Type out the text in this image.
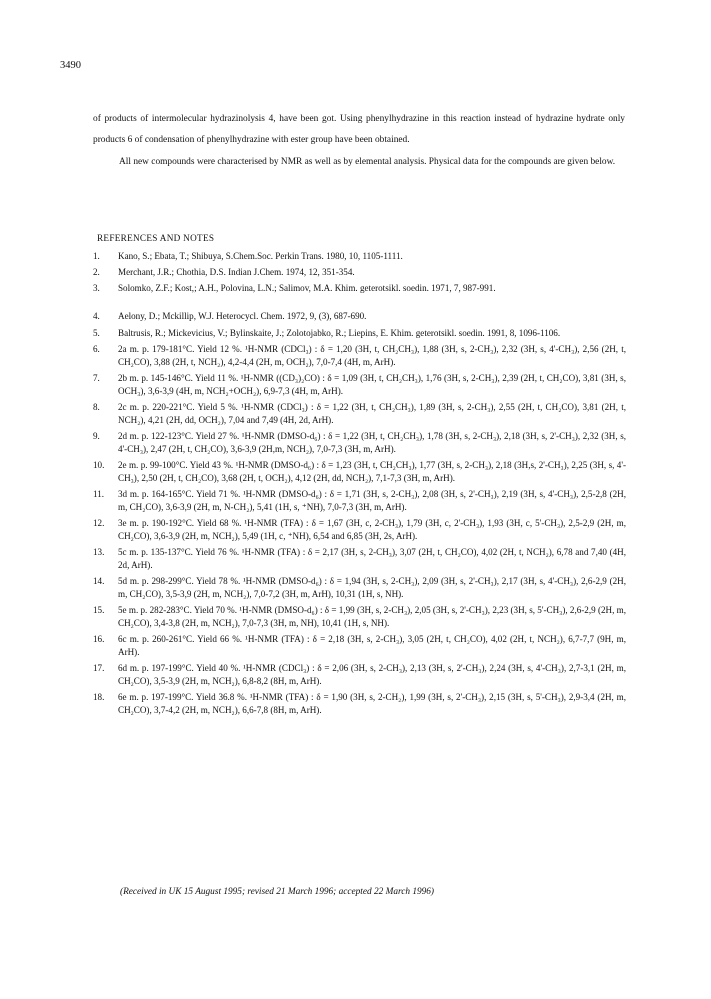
3490

of products of intermolecular hydrazinolysis 4, have been got. Using phenylhydrazine in this reaction instead of hydrazine hydrate only products 6 of condensation of phenylhydrazine with ester group have been obtained.

All new compounds were characterised by NMR as well as by elemental analysis. Physical data for the compounds are given below.

REFERENCES AND NOTES
1.	Kano, S.; Ebata, T.; Shibuya, S.Chem.Soc. Perkin Trans. 1980, 10, 1105-1111.
2.	Merchant, J.R.; Chothia, D.S. Indian J.Chem. 1974, 12, 351-354.
3.	Solomko, Z.F.; Kost,; A.H., Polovina, L.N.; Salimov, M.A. Khim. geterotsikl. soedin. 1971, 7, 987-991.
4.	Aelony, D.; Mckillip, W.J. Heterocycl. Chem. 1972, 9, (3), 687-690.
5.	Baltrusis, R.; Mickevicius, V.; Bylinskaite, J.; Zolotojabko, R.; Liepins, E. Khim. geterotsikl. soedin. 1991, 8, 1096-1106.
6.	2a m. p. 179-181°C. Yield 12 %. ¹H-NMR (CDCl₃) : δ = 1,20 (3H, t, CH₂CH₃), 1,88 (3H, s, 2-CH₃), 2,32 (3H, s, 4'-CH₃), 2,56 (2H, t, CH₂CO), 3,88 (2H, t, NCH₂), 4,2-4,4 (2H, m, OCH₂), 7,0-7,4 (4H, m, ArH).
7.	2b m. p. 145-146°C. Yield 11 %. ¹H-NMR ((CD₃)₂CO) : δ = 1,09 (3H, t, CH₂CH₃), 1,76 (3H, s, 2-CH₃), 2,39 (2H, t, CH₂CO), 3,81 (3H, s, OCH₃), 3,6-3,9 (4H, m, NCH₂+OCH₂), 6,9-7,3 (4H, m, ArH).
8.	2c m. p. 220-221°C. Yield 5 %. ¹H-NMR (CDCl₃) : δ = 1,22 (3H, t, CH₂CH₃), 1,89 (3H, s, 2-CH₃), 2,55 (2H, t, CH₂CO), 3,81 (2H, t, NCH₂), 4,21 (2H, dd, OCH₂), 7,04 and 7,49 (4H, 2d, ArH).
9.	2d m. p. 122-123°C. Yield 27 %. ¹H-NMR (DMSO-d₆) : δ = 1,22 (3H, t, CH₂CH₃), 1,78 (3H, s, 2-CH₃), 2,18 (3H, s, 2'-CH₃), 2,32 (3H, s, 4'-CH₃), 2,47 (2H, t, CH₂CO), 3,6-3,9 (2H,m, NCH₂), 7,0-7,3 (3H, m, ArH).
10.	2e m. p. 99-100°C. Yield 43 %. ¹H-NMR (DMSO-d₆) : δ = 1,23 (3H, t, CH₂CH₃), 1,77 (3H, s, 2-CH₃), 2,18 (3H,s, 2'-CH₃), 2,25 (3H, s, 4'-CH₃), 2,50 (2H, t, CH₂CO), 3,68 (2H, t, OCH₂), 4,12 (2H, dd, NCH₂), 7,1-7,3 (3H, m, ArH).
11.	3d m. p. 164-165°C. Yield 71 %. ¹H-NMR (DMSO-d₆) : δ = 1,71 (3H, s, 2-CH₃), 2,08 (3H, s, 2'-CH₃), 2,19 (3H, s, 4'-CH₃), 2,5-2,8 (2H, m, CH₂CO), 3,6-3,9 (2H, m, N-CH₂), 5,41 (1H, s, ⁺NH), 7,0-7,3 (3H, m, ArH).
12.	3e m. p. 190-192°C. Yield 68 %. ¹H-NMR (TFA) : δ = 1,67 (3H, c, 2-CH₃), 1,79 (3H, c, 2'-CH₃), 1,93 (3H, c, 5'-CH₃), 2,5-2,9 (2H, m, CH₂CO), 3,6-3,9 (2H, m, NCH₂), 5,49 (1H, c, ⁺NH), 6,54 and 6,85 (3H, 2s, ArH).
13.	5c m. p. 135-137°C. Yield 76 %. ¹H-NMR (TFA) : δ = 2,17 (3H, s, 2-CH₃), 3,07 (2H, t, CH₂CO), 4,02 (2H, t, NCH₂), 6,78 and 7,40 (4H, 2d, ArH).
14.	5d m. p. 298-299°C. Yield 78 %. ¹H-NMR (DMSO-d₆) : δ = 1,94 (3H, s, 2-CH₃), 2,09 (3H, s, 2'-CH₃), 2,17 (3H, s, 4'-CH₃), 2,6-2,9 (2H, m, CH₂CO), 3,5-3,9 (2H, m, NCH₂), 7,0-7,2 (3H, m, ArH), 10,31 (1H, s, NH).
15.	5e m. p. 282-283°C. Yield 70 %. ¹H-NMR (DMSO-d₆) : δ = 1,99 (3H, s, 2-CH₃), 2,05 (3H, s, 2'-CH₃), 2,23 (3H, s, 5'-CH₃), 2,6-2,9 (2H, m, CH₂CO), 3,4-3,8 (2H, m, NCH₂), 7,0-7,3 (3H, m, NH), 10,41 (1H, s, NH).
16.	6c m. p. 260-261°C. Yield 66 %. ¹H-NMR (TFA) : δ = 2,18 (3H, s, 2-CH₃), 3,05 (2H, t, CH₂CO), 4,02 (2H, t, NCH₂), 6,7-7,7 (9H, m, ArH).
17.	6d m. p. 197-199°C. Yield 40 %. ¹H-NMR (CDCl₃) : δ = 2,06 (3H, s, 2-CH₃), 2,13 (3H, s, 2'-CH₃), 2,24 (3H, s, 4'-CH₃), 2,7-3,1 (2H, m, CH₂CO), 3,5-3,9 (2H, m, NCH₂), 6,8-8,2 (8H, m, ArH).
18.	6e m. p. 197-199°C. Yield 36.8 %. ¹H-NMR (TFA) : δ = 1,90 (3H, s, 2-CH₂), 1,99 (3H, s, 2'-CH₃), 2,15 (3H, s, 5'-CH₃), 2,9-3,4 (2H, m, CH₂CO), 3,7-4,2 (2H, m, NCH₂), 6,6-7,8 (8H, m, ArH).
(Received in UK 15 August 1995; revised 21 March 1996; accepted 22 March 1996)
